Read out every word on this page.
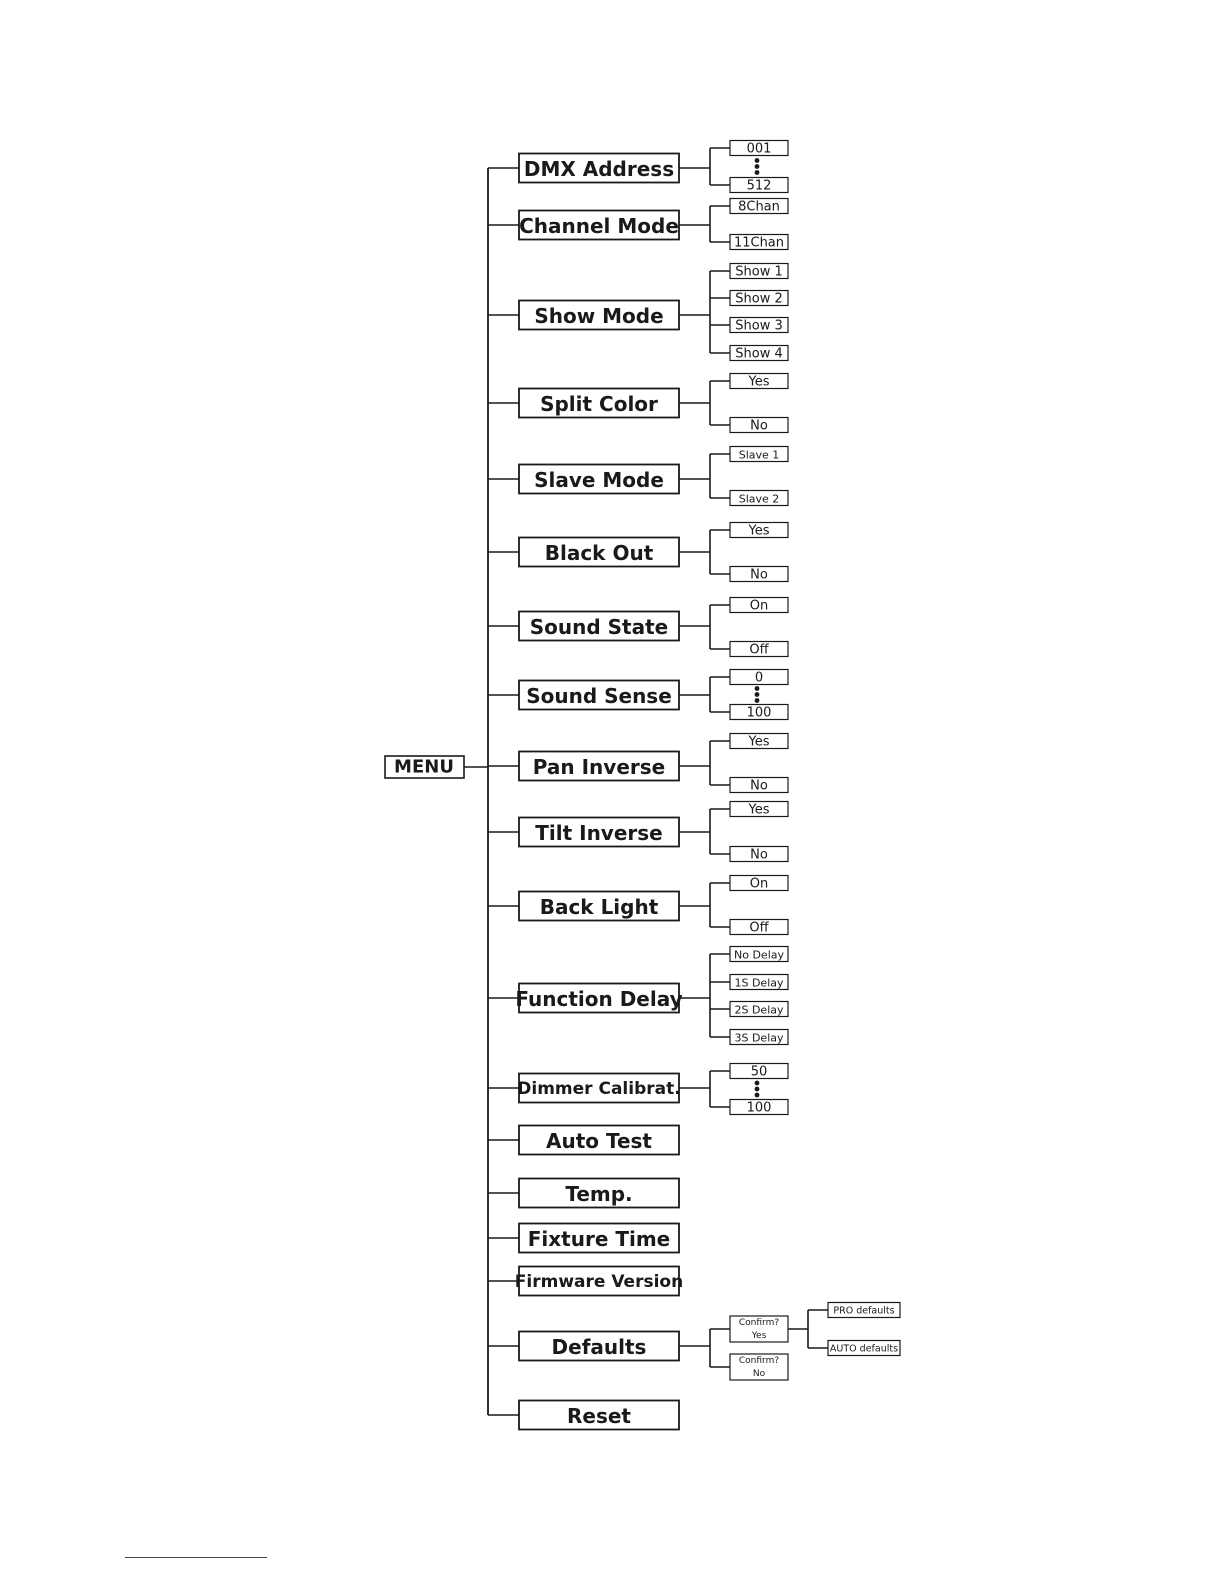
MENU
DMX Address
001
512
Channel Mode
8Chan
11Chan
Show Mode
Show 1
Show 2
Show 3
Show 4
Split Color
Yes
No
Slave Mode
Slave 1
Slave 2
Black Out
Yes
No
Sound State
On
Off
Sound Sense
0
100
Pan Inverse
Yes
No
Tilt Inverse
Yes
No
Back Light
On
Off
Function Delay
No Delay
1S Delay
2S Delay
3S Delay
Dimmer Calibrat.
50
100
Auto Test
Temp.
Fixture Time
Firmware Version
Defaults
Confirm?
Yes
Confirm?
No
PRO defaults
AUTO defaults
Reset
